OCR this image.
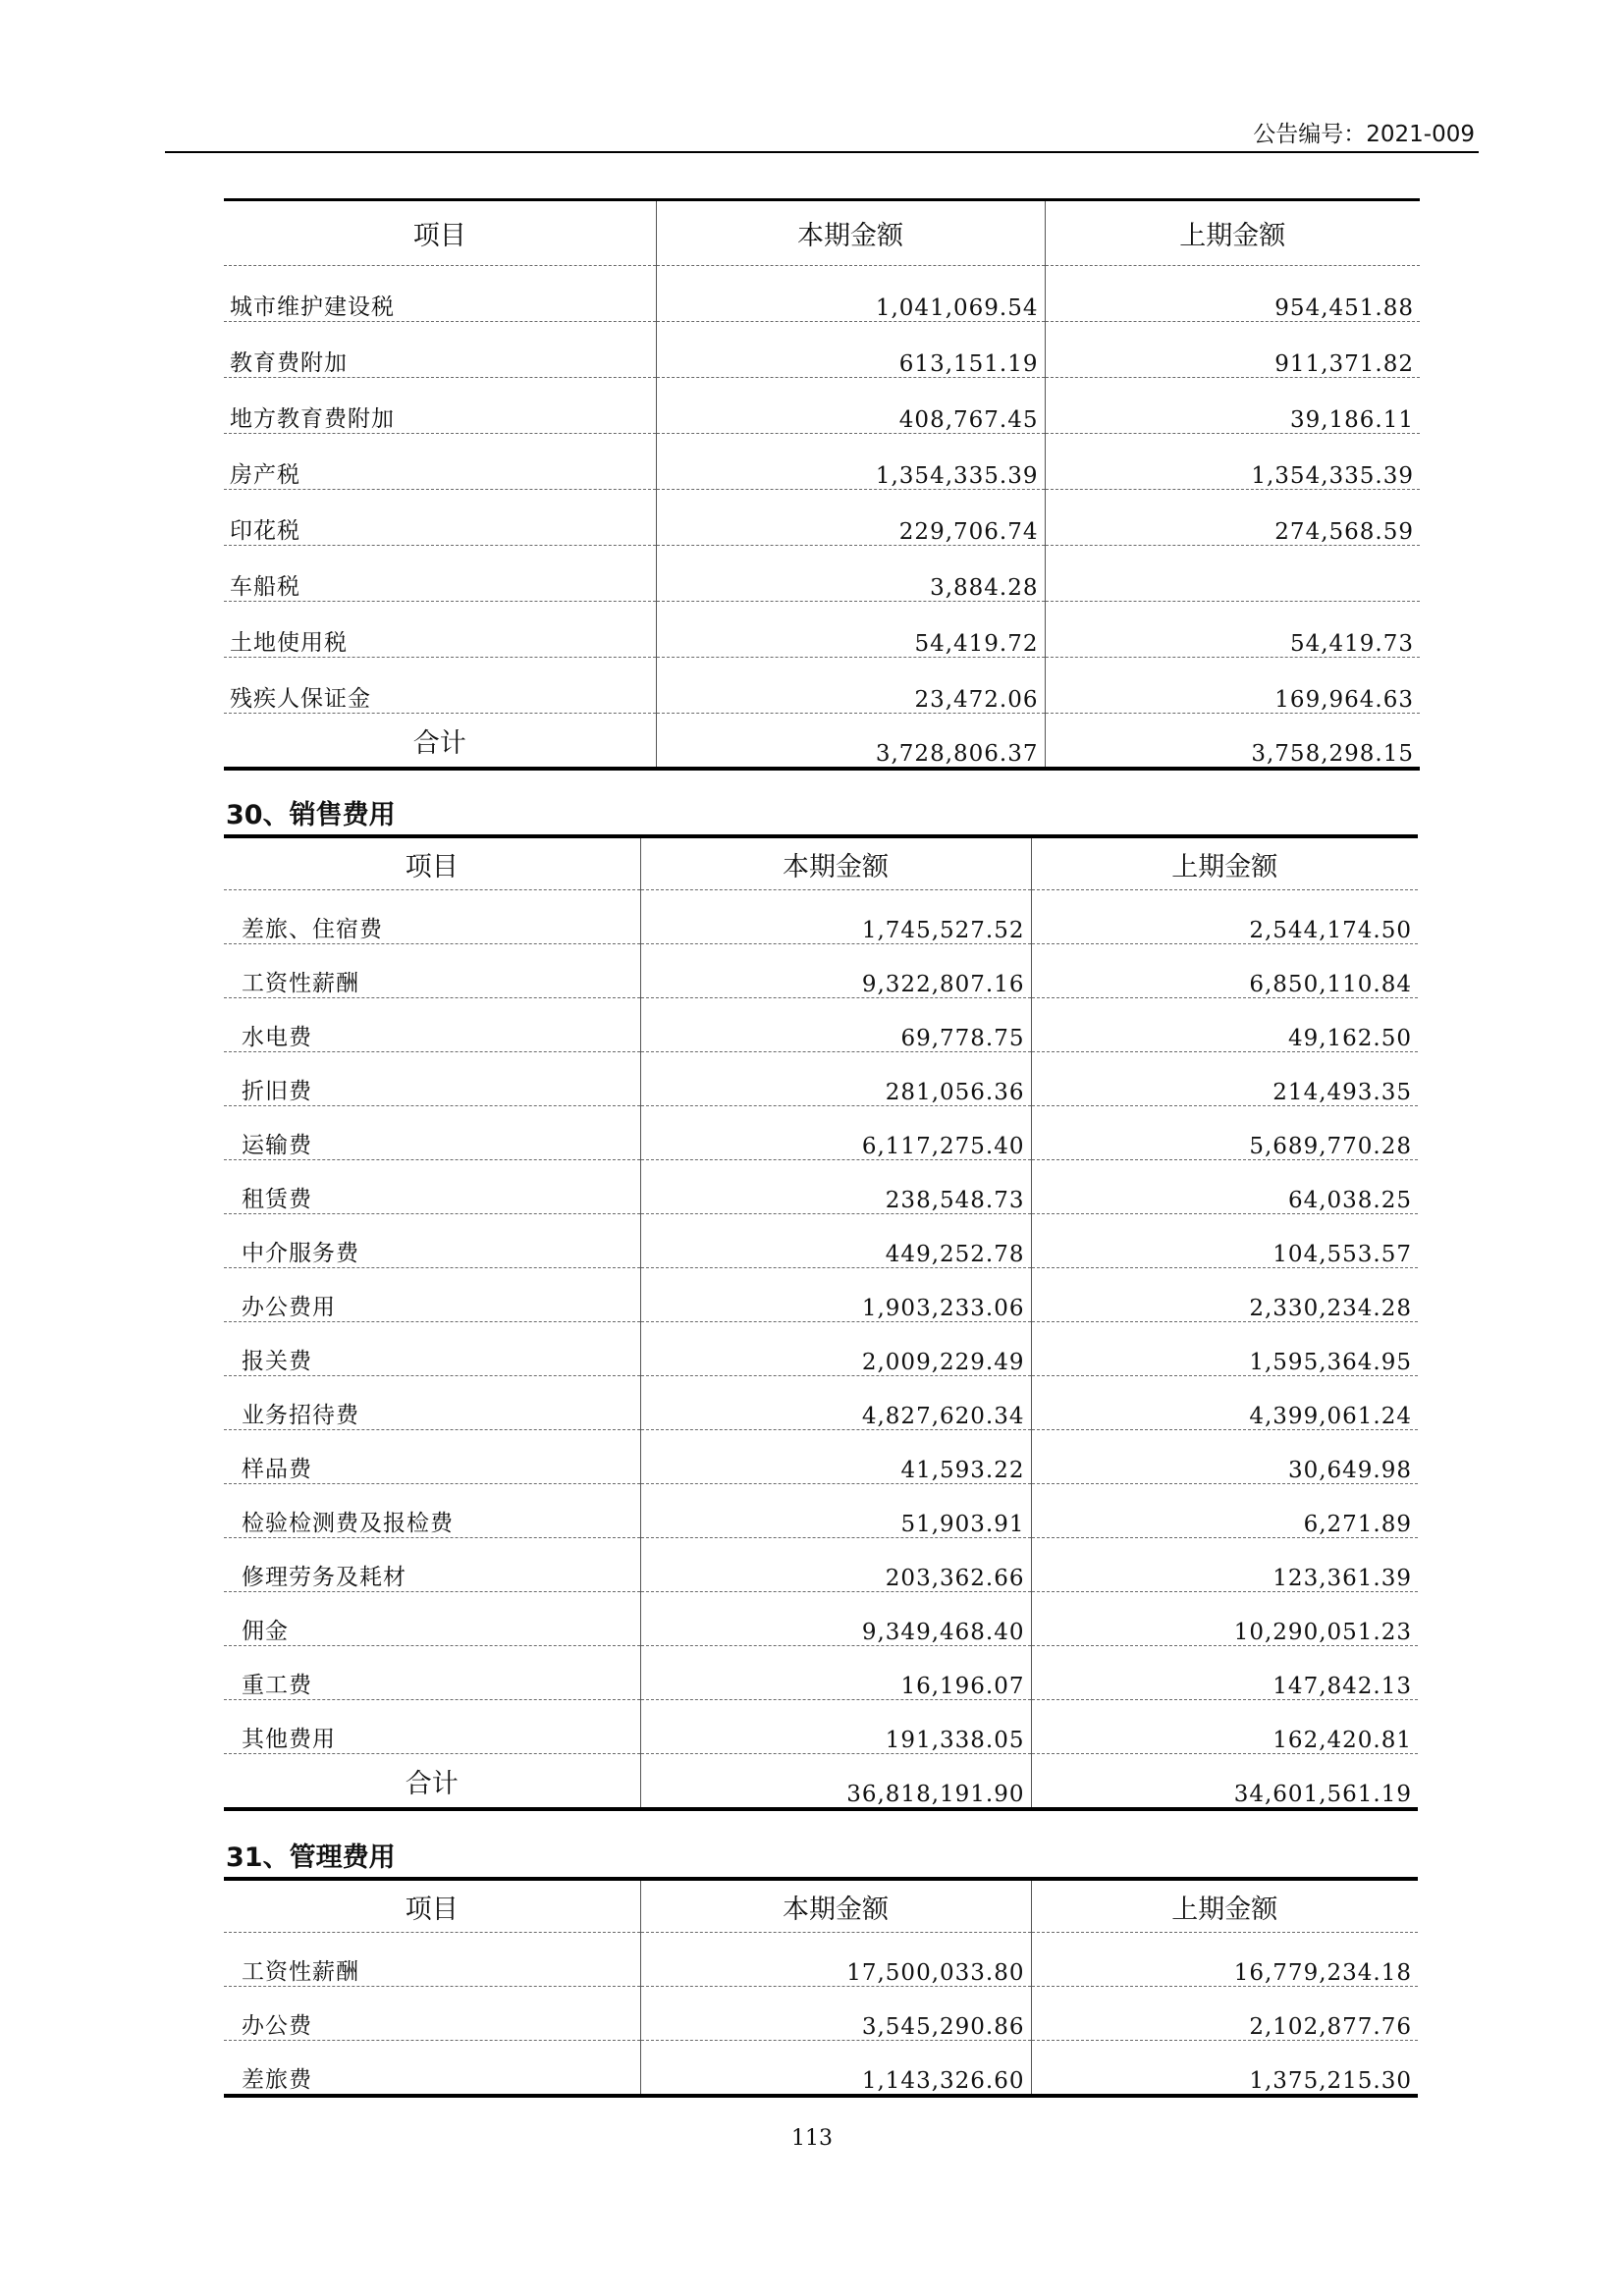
公告编号：2021-009
项目	本期金额	上期金额
城市维护建设税	1,041,069.54	954,451.88
教育费附加	613,151.19	911,371.82
地方教育费附加	408,767.45	39,186.11
房产税	1,354,335.39	1,354,335.39
印花税	229,706.74	274,568.59
车船税	3,884.28	
土地使用税	54,419.72	54,419.73
残疾人保证金	23,472.06	169,964.63
合计	3,728,806.37	3,758,298.15
30、销售费用
项目	本期金额	上期金额
差旅、住宿费	1,745,527.52	2,544,174.50
工资性薪酬	9,322,807.16	6,850,110.84
水电费	69,778.75	49,162.50
折旧费	281,056.36	214,493.35
运输费	6,117,275.40	5,689,770.28
租赁费	238,548.73	64,038.25
中介服务费	449,252.78	104,553.57
办公费用	1,903,233.06	2,330,234.28
报关费	2,009,229.49	1,595,364.95
业务招待费	4,827,620.34	4,399,061.24
样品费	41,593.22	30,649.98
检验检测费及报检费	51,903.91	6,271.89
修理劳务及耗材	203,362.66	123,361.39
佣金	9,349,468.40	10,290,051.23
重工费	16,196.07	147,842.13
其他费用	191,338.05	162,420.81
合计	36,818,191.90	34,601,561.19
31、管理费用
项目	本期金额	上期金额
工资性薪酬	17,500,033.80	16,779,234.18
办公费	3,545,290.86	2,102,877.76
差旅费	1,143,326.60	1,375,215.30
113
